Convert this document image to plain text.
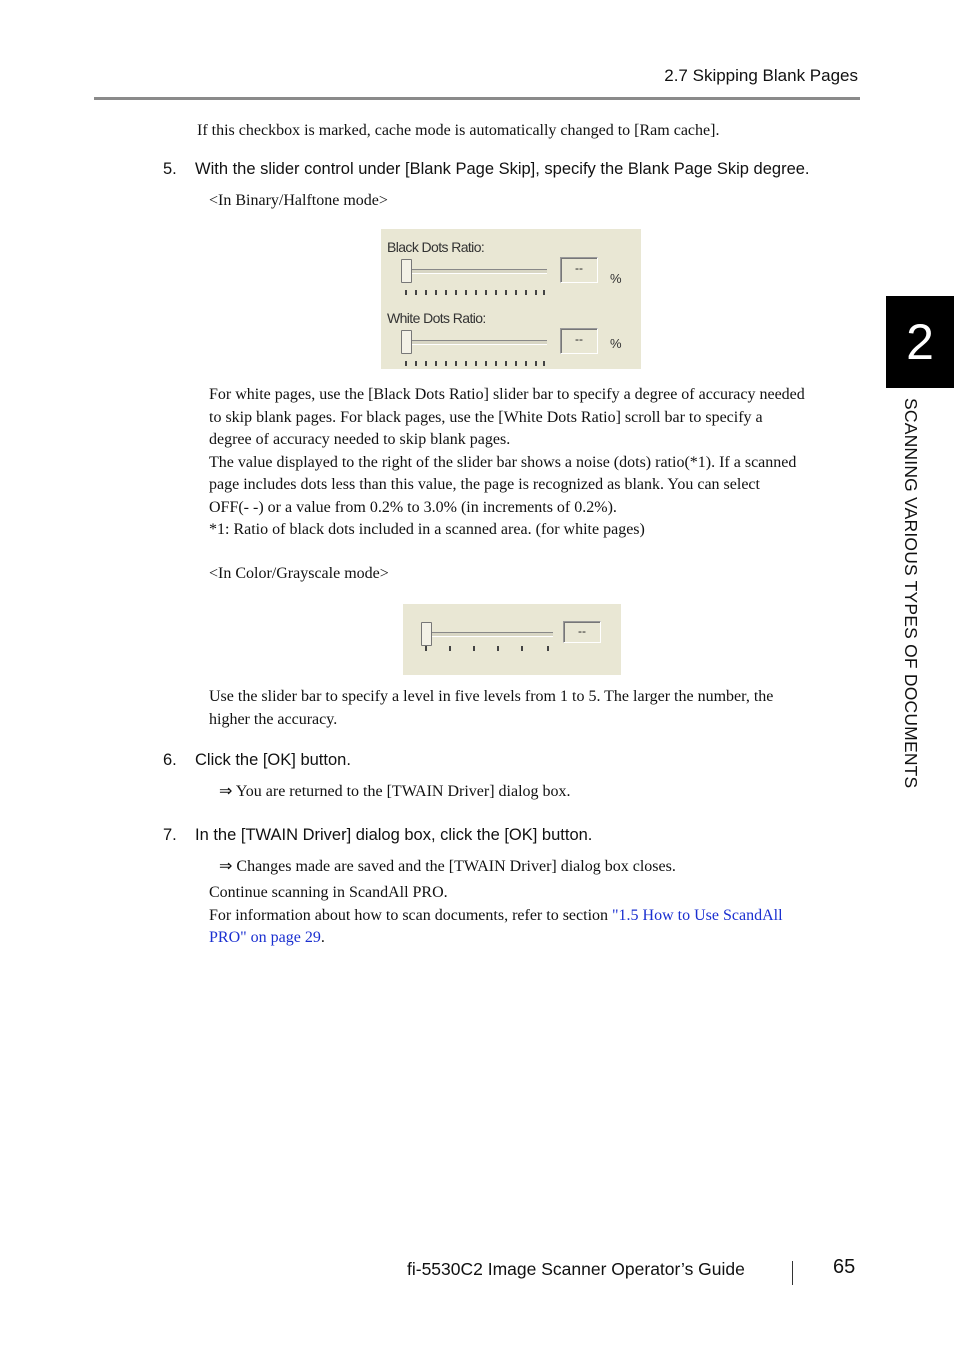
2.7 Skipping Blank Pages
2
SCANNING VARIOUS TYPES OF DOCUMENTS
If this checkbox is marked, cache mode is automatically changed to [Ram cache].
5. With the slider control under [Blank Page Skip], specify the Blank Page Skip degree.
<In Binary/Halftone mode>
Black Dots Ratio:
--
%
White Dots Ratio:
--	%
For white pages, use the [Black Dots Ratio] slider bar to specify a degree of accuracy needed
to skip blank pages. For black pages, use the [White Dots Ratio] scroll bar to specify a
degree of accuracy needed to skip blank pages.
The value displayed to the right of the slider bar shows a noise (dots) ratio(*1). If a scanned
page includes dots less than this value, the page is recognized as blank. You can select
OFF(- -) or a value from 0.2% to 3.0% (in increments of 0.2%).
*1: Ratio of black dots included in a scanned area. (for white pages)
<In Color/Grayscale mode>
--
Use the slider bar to specify a level in five levels from 1 to 5. The larger the number, the
higher the accuracy.
6. Click the [OK] button.
⇒ You are returned to the [TWAIN Driver] dialog box.
7. In the [TWAIN Driver] dialog box, click the [OK] button.
⇒ Changes made are saved and the [TWAIN Driver] dialog box closes.
Continue scanning in ScandAll PRO.
For information about how to scan documents, refer to section "1.5 How to Use ScandAll
PRO" on page 29.
fi-5530C2 Image Scanner Operator’s Guide	65
